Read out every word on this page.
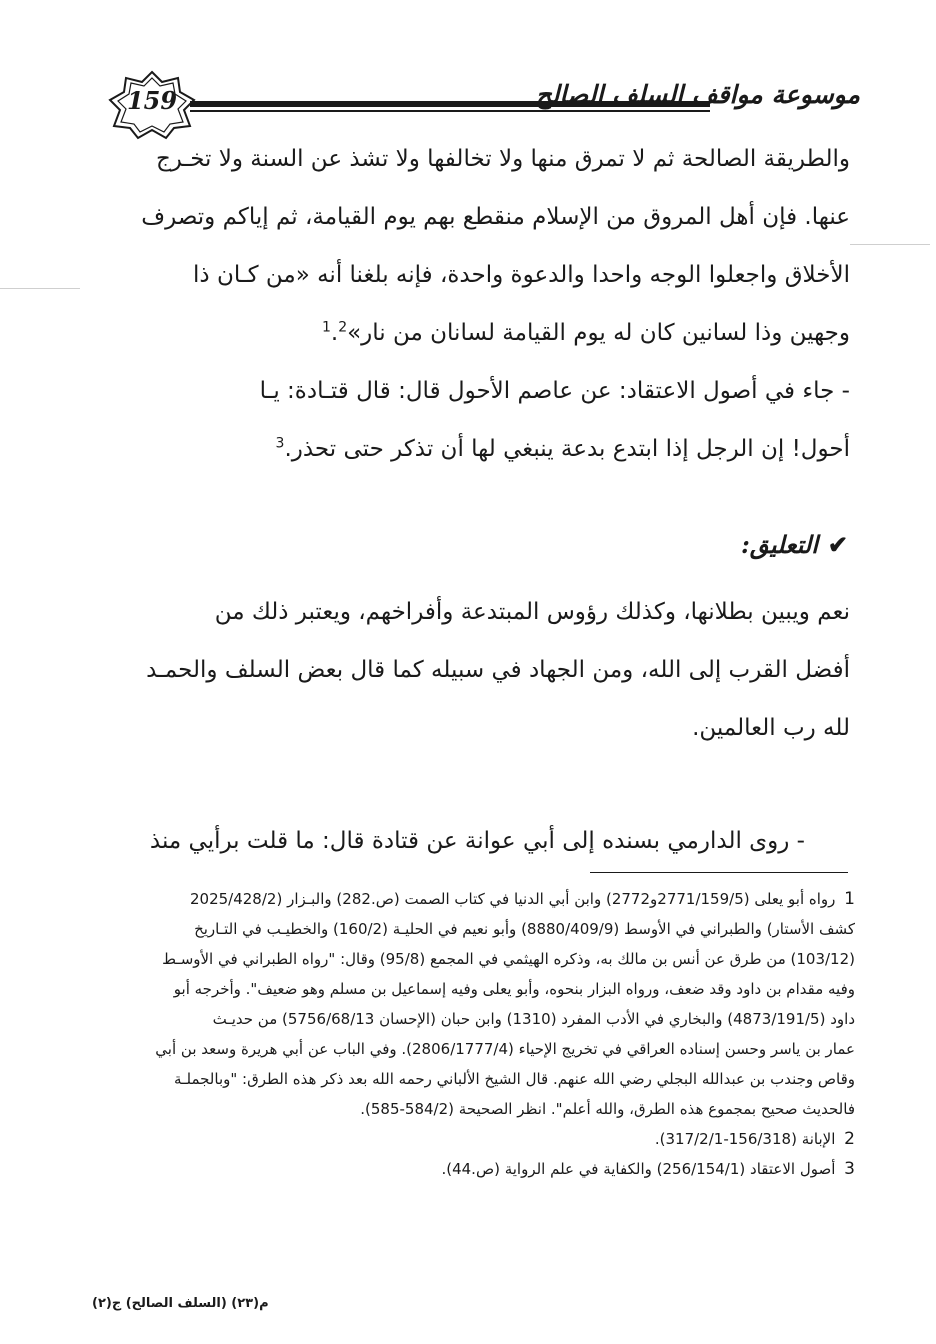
159	موسوعة مواقف السلف الصالح
والطريقة الصالحة ثم لا تمرق منها ولا تخالفها ولا تشذ عن السنة ولا تخـرج
عنها. فإن أهل المروق من الإسلام منقطع بهم يوم القيامة، ثم إياكم وتصرف
الأخلاق واجعلوا الوجه واحدا والدعوة واحدة، فإنه بلغنا أنه «من كـان ذا
وجهين وذا لسانين كان له يوم القيامة لسانان من نار»$^1$.$^2$
- جاء في أصول الاعتقاد: عن عاصم الأحول قال: قال قتـادة: يـا
أحول! إن الرجل إذا ابتدع بدعة ينبغي لها أن تذكر حتى تحذر.$^3$
✔التعليق:
نعم ويبين بطلانها، وكذلك رؤوس المبتدعة وأفراخهم، ويعتبر ذلك من
أفضل القرب إلى الله، ومن الجهاد في سبيله كما قال بعض السلف والحمـد
لله رب العالمين.
- روى الدارمي بسنده إلى أبي عوانة عن قتادة قال: ما قلت برأيي منذ
1 رواه أبو يعلى (2771/159/5و2772) وابن أبي الدنيا في كتاب الصمت (ص.282) والبـزار (2025/428/2
كشف الأستار) والطبراني في الأوسط (8880/409/9) وأبو نعيم في الحليـة (160/2) والخطيـب في التـاريخ
(103/12) من طرق عن أنس بن مالك به، وذكره الهيثمي في المجمع (95/8) وقال: "رواه الطبراني في الأوسـط
وفيه مقدام بن داود وقد ضعف، ورواه البزار بنحوه، وأبو يعلى وفيه إسماعيل بن مسلم وهو ضعيف". وأخرجه أبو
داود (4873/191/5) والبخاري في الأدب المفرد (1310) وابن حبان (الإحسان 5756/68/13) من حديـث
عمار بن ياسر وحسن إسناده العراقي في تخريج الإحياء (2806/1777/4). وفي الباب عن أبي هريرة وسعد بن أبي
وقاص وجندب بن عبدالله البجلي رضي الله عنهم. قال الشيخ الألباني رحمه الله بعد ذكر هذه الطرق: "وبالجملـة
فالحديث صحيح بمجموع هذه الطرق، والله أعلم". انظر الصحيحة (584/2-585).
2 الإبانة (156/318-317/2/1).
3 أصول الاعتقاد (256/154/1) والكفاية في علم الرواية (ص.44).
م(٢٣) (السلف الصالح) ج(٢)
